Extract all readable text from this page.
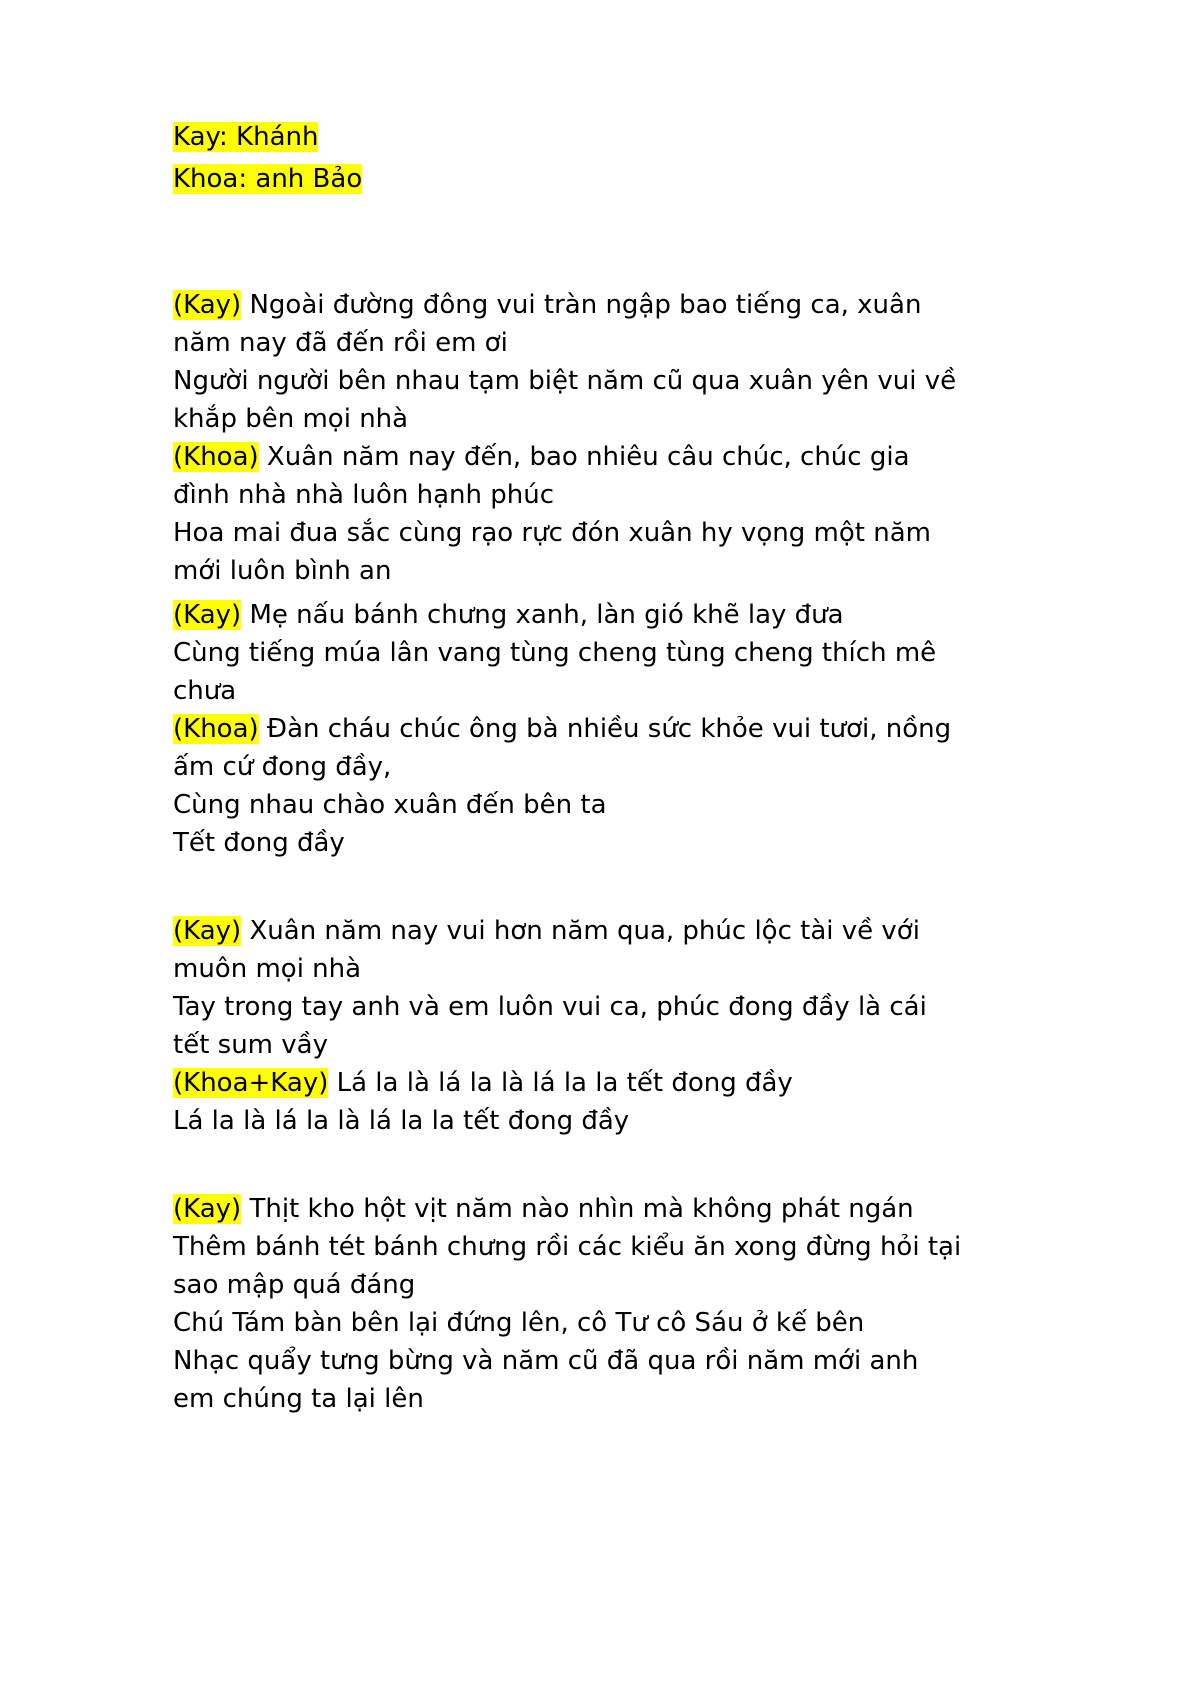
Kay: Khánh
Khoa: anh Bảo
(Kay) Ngoài đường đông vui tràn ngập bao tiếng ca, xuân
năm nay đã đến rồi em ơi
Người người bên nhau tạm biệt năm cũ qua xuân yên vui về
khắp bên mọi nhà
(Khoa) Xuân năm nay đến, bao nhiêu câu chúc, chúc gia
đình nhà nhà luôn hạnh phúc
Hoa mai đua sắc cùng rạo rực đón xuân hy vọng một năm
mới luôn bình an
(Kay) Mẹ nấu bánh chưng xanh, làn gió khẽ lay đưa
Cùng tiếng múa lân vang tùng cheng tùng cheng thích mê
chưa
(Khoa) Đàn cháu chúc ông bà nhiều sức khỏe vui tươi, nồng
ấm cứ đong đầy,
Cùng nhau chào xuân đến bên ta
Tết đong đầy
(Kay) Xuân năm nay vui hơn năm qua, phúc lộc tài về với
muôn mọi nhà
Tay trong tay anh và em luôn vui ca, phúc đong đầy là cái
tết sum vầy
(Khoa+Kay) Lá la là lá la là lá la la tết đong đầy
Lá la là lá la là lá la la tết đong đầy
(Kay) Thịt kho hột vịt năm nào nhìn mà không phát ngán
Thêm bánh tét bánh chưng rồi các kiểu ăn xong đừng hỏi tại
sao mập quá đáng
Chú Tám bàn bên lại đứng lên, cô Tư cô Sáu ở kế bên
Nhạc quẩy tưng bừng và năm cũ đã qua rồi năm mới anh
em chúng ta lại lên
